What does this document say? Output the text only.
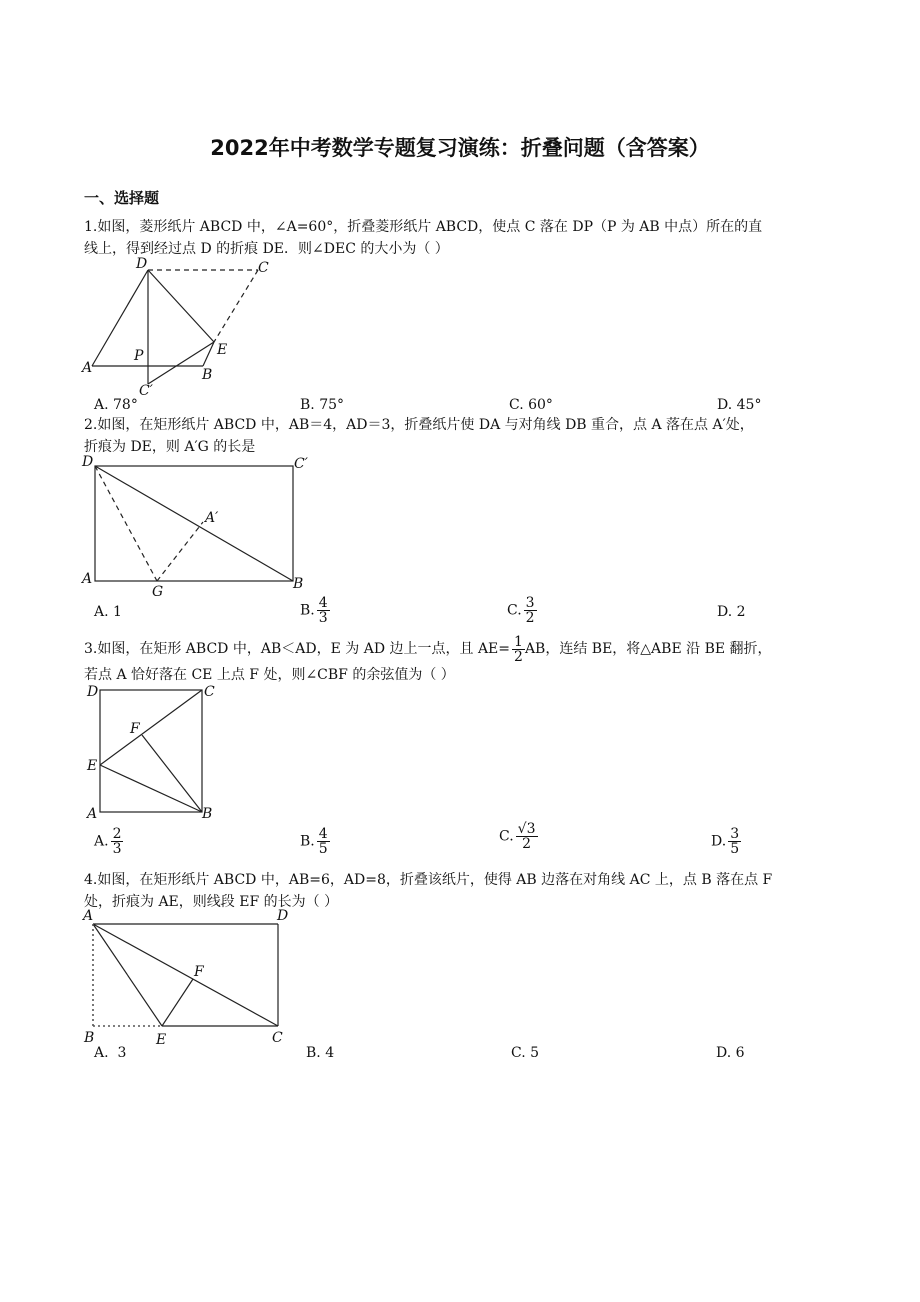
2022年中考数学专题复习演练：折叠问题（含答案）
一、选择题
1.如图，菱形纸片 ABCD 中，∠A=60°，折叠菱形纸片 ABCD，使点 C 落在 DP（P 为 AB 中点）所在的直
线上，得到经过点 D 的折痕 DE．则∠DEC 的大小为（ ）
D	C
A
P	E
B
C′
A. 78°	B. 75°	C. 60°	D. 45°
2.如图，在矩形纸片 ABCD 中，AB＝4，AD＝3，折叠纸片使 DA 与对角线 DB 重合，点 A 落在点 A′处，
折痕为 DE，则 A′G 的长是
D	C′
A
A′
G	B
A. 1	B. $\frac{4}{3}$	C. $\frac{3}{2}$	D. 2
3.如图，在矩形 ABCD 中，AB＜AD，E 为 AD 边上一点，且 $AE= \frac{1}{2}$ AB，连结 BE，将△ABE 沿 BE 翻折，
若点 A 恰好落在 CE 上点 F 处，则∠CBF 的余弦值为（ ）
D	C
F
E
A	B
A. $\frac{2}{3}$	B. $\frac{4}{5}$	C. $\frac{√3}{2}$	D. $\frac{3}{5}$
4.如图，在矩形纸片 ABCD 中，AB=6，AD=8，折叠该纸片，使得 AB 边落在对角线 AC 上，点 B 落在点 F
处，折痕为 AE，则线段 EF 的长为（ ）
A	D
F
B	E	C
A.  3	B. 4	C. 5	D. 6
